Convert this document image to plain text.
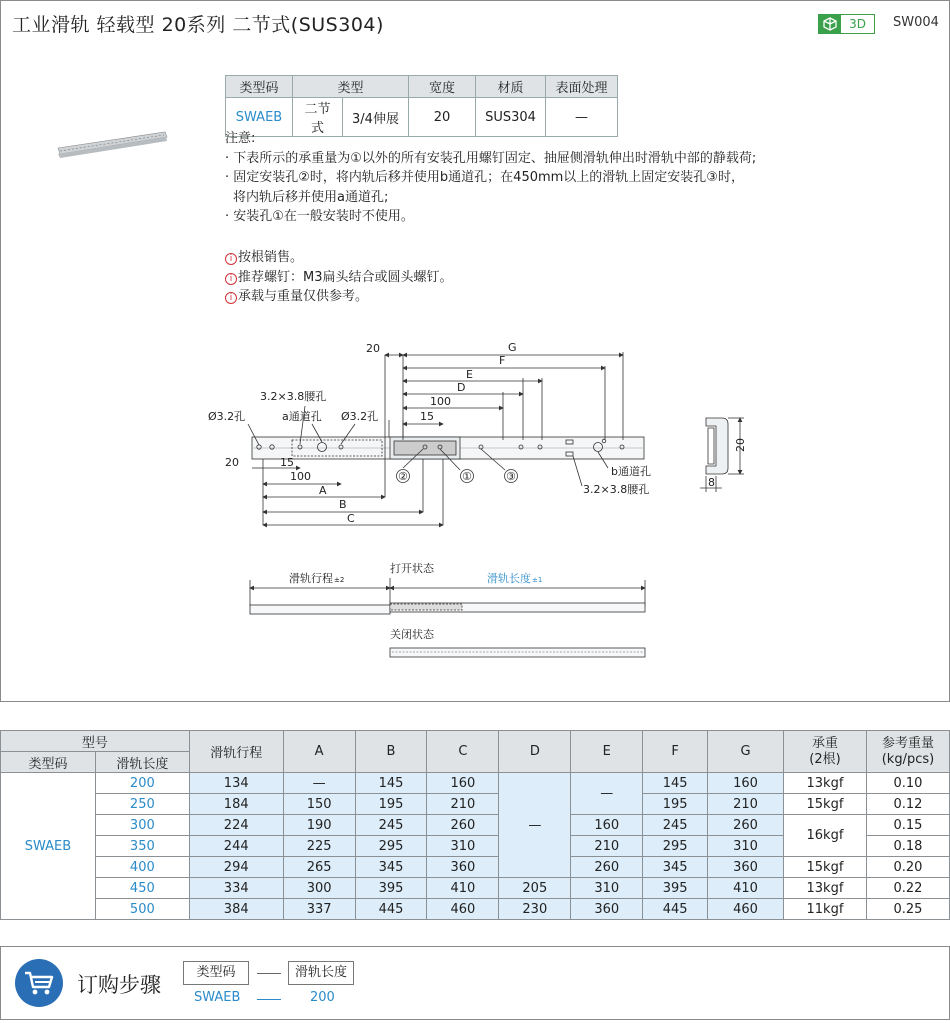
工业滑轨 轻载型 20系列 二节式(SUS304)	3D	SW004
类型码	类型		宽度	材质	表面处理
SWAEB	二节式	3/4伸展	20	SUS304	—
注意:
· 下表所示的承重量为①以外的所有安装孔用螺钉固定、抽屉侧滑轨伸出时滑轨中部的静载荷;
· 固定安装孔②时，将内轨后移并使用b通道孔；在450mm以上的滑轨上固定安装孔③时，
将内轨后移并使用a通道孔;
· 安装孔①在一般安装时不使用。
i 按根销售。
i 推荐螺钉：M3扁头结合或圆头螺钉。
i 承载与重量仅供参考。
20	G
F
E
D
100
15
3.2×3.8腰孔
a通道孔
Ø3.2孔	Ø3.2孔
20	15
100
A
B
C
②	①	③	b通道孔
3.2×3.8腰孔
20
8
滑轨行程±2
打开状态
滑轨长度±1
关闭状态
型号		滑轨行程	A	B	C	D	E	F	G	承重
(2根)	参考重量
(kg/pcs)
类型码	滑轨长度										
SWAEB	200	134	—	145	160	—	—	145	160	13kgf	0.10
	250	184	150	195	210			195	210	15kgf	0.12
	300	224	190	245	260		160	245	260	16kgf	0.15
	350	244	225	295	310		210	295	310		0.18
	400	294	265	345	360		260	345	360	15kgf	0.20
	450	334	300	395	410	205	310	395	410	13kgf	0.22
	500	384	337	445	460	230	360	445	460	11kgf	0.25
订购步骤
类型码	滑轨长度
SWAEB	200
